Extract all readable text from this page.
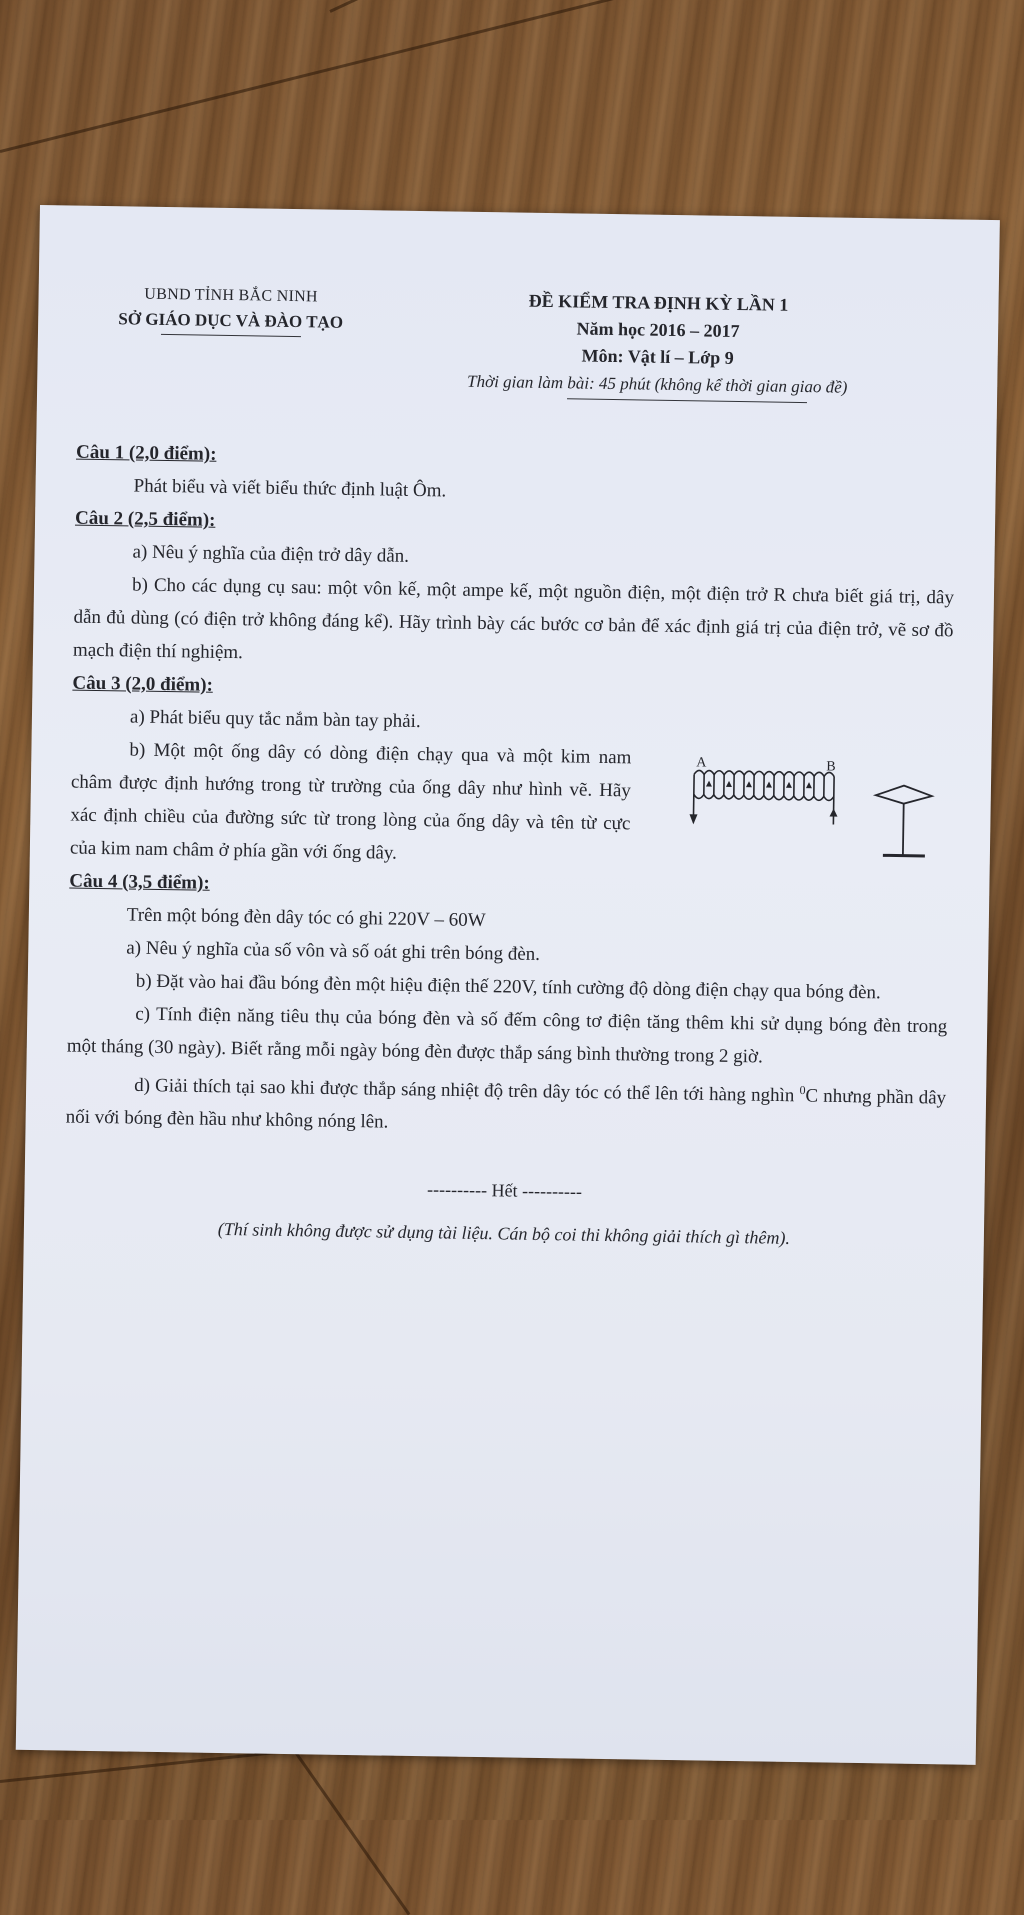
UBND TỈNH BẮC NINH
SỞ GIÁO DỤC VÀ ĐÀO TẠO
ĐỀ KIỂM TRA ĐỊNH KỲ LẦN 1
Năm học 2016 – 2017
Môn: Vật lí – Lớp 9
Thời gian làm bài: 45 phút (không kể thời gian giao đề)

Câu 1 (2,0 điểm):

Phát biểu và viết biểu thức định luật Ôm.

Câu 2 (2,5 điểm):

a) Nêu ý nghĩa của điện trở dây dẫn.

b) Cho các dụng cụ sau: một vôn kế, một ampe kế, một nguồn điện, một điện trở R chưa biết giá trị, dây dẫn đủ dùng (có điện trở không đáng kể). Hãy trình bày các bước cơ bản để xác định giá trị của điện trở, vẽ sơ đồ mạch điện thí nghiệm.

Câu 3 (2,0 điểm):

a) Phát biểu quy tắc nắm bàn tay phải.

b) Một một ống dây có dòng điện chạy qua và một kim nam châm được định hướng trong từ trường của ống dây như hình vẽ. Hãy xác định chiều của đường sức từ trong lòng của ống dây và tên từ cực của kim nam châm ở phía gần với ống dây.

A	B

Câu 4 (3,5 điểm):

Trên một bóng đèn dây tóc có ghi 220V – 60W

a) Nêu ý nghĩa của số vôn và số oát ghi trên bóng đèn.

b) Đặt vào hai đầu bóng đèn một hiệu điện thế 220V, tính cường độ dòng điện chạy qua bóng đèn.

c) Tính điện năng tiêu thụ của bóng đèn và số đếm công tơ điện tăng thêm khi sử dụng bóng đèn trong một tháng (30 ngày). Biết rằng mỗi ngày bóng đèn được thắp sáng bình thường trong 2 giờ.

d) Giải thích tại sao khi được thắp sáng nhiệt độ trên dây tóc có thể lên tới hàng nghìn $^0$C nhưng phần dây nối với bóng đèn hầu như không nóng lên.

---------- Hết ----------
(Thí sinh không được sử dụng tài liệu. Cán bộ coi thi không giải thích gì thêm).
